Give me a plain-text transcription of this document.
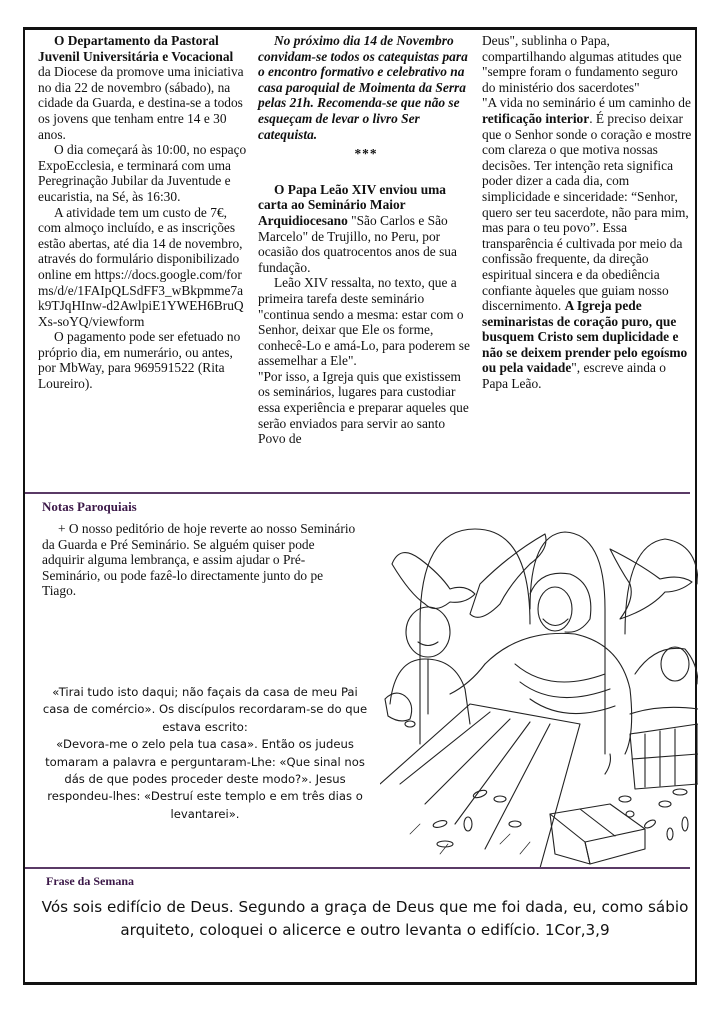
O Departamento da Pastoral Juvenil Universitária e Vocacional da Diocese da promove uma iniciativa no dia 22 de novembro (sábado), na cidade da Guarda, e destina-se a todos os jovens que tenham entre 14 e 30 anos.

O dia começará às 10:00, no espaço ExpoEcclesia, e terminará com uma Peregrinação Jubilar da Juventude e eucaristia, na Sé, às 16:30.

A atividade tem um custo de 7€, com almoço incluído, e as inscrições estão abertas, até dia 14 de novembro, através do formulário disponibilizado online em https://docs.google.com/forms/d/e/1FAIpQLSdFF3_wBkpmme7ak9TJqHInw-d2AwlpiE1YWEH6BruQXs-soYQ/viewform

O pagamento pode ser efetuado no próprio dia, em numerário, ou antes, por MbWay, para 969591522 (Rita Loureiro).

No próximo dia 14 de Novembro convidam-se todos os catequistas para o encontro formativo e celebrativo na casa paroquial de Moimenta da Serra pelas 21h. Recomenda-se que não se esqueçam de levar o livro Ser catequista.

***

O Papa Leão XIV enviou uma carta ao Seminário Maior Arquidiocesano "São Carlos e São Marcelo" de Trujillo, no Peru, por ocasião dos quatrocentos anos de sua fundação.

Leão XIV ressalta, no texto, que a primeira tarefa deste seminário "continua sendo a mesma: estar com o Senhor, deixar que Ele os forme, conhecê-Lo e amá-Lo, para poderem se assemelhar a Ele".

"Por isso, a Igreja quis que existissem os seminários, lugares para custodiar essa experiência e preparar aqueles que serão enviados para servir ao santo Povo de

Deus", sublinha o Papa, compartilhando algumas atitudes que "sempre foram o fundamento seguro do ministério dos sacerdotes"

"A vida no seminário é um caminho de retificação interior. É preciso deixar que o Senhor sonde o coração e mostre com clareza o que motiva nossas decisões. Ter intenção reta significa poder dizer a cada dia, com simplicidade e sinceridade: “Senhor, quero ser teu sacerdote, não para mim, mas para o teu povo”. Essa transparência é cultivada por meio da confissão frequente, da direção espiritual sincera e da obediência confiante àqueles que guiam nosso discernimento. A Igreja pede seminaristas de coração puro, que busquem Cristo sem duplicidade e não se deixem prender pelo egoísmo ou pela vaidade", escreve ainda o Papa Leão.

Notas Paroquiais

+ O nosso peditório de hoje reverte ao nosso Seminário da Guarda e Pré Seminário. Se alguém quiser pode adquirir alguma lembrança, e assim ajudar o Pré-Seminário, ou pode fazê-lo directamente junto do pe Tiago.

«Tirai tudo isto daqui; não façais da casa de meu Pai casa de comércio». Os discípulos recordaram-se do que estava escrito:

«Devora-me o zelo pela tua casa». Então os judeus tomaram a palavra e perguntaram-Lhe: «Que sinal nos dás de que podes proceder deste modo?». Jesus respondeu-lhes: «Destruí este templo e em três dias o levantarei».

Frase da Semana
Vós sois edifício de Deus. Segundo a graça de Deus que me foi dada, eu, como sábio arquiteto, coloquei o alicerce e outro levanta o edifício. 1Cor,3,9
